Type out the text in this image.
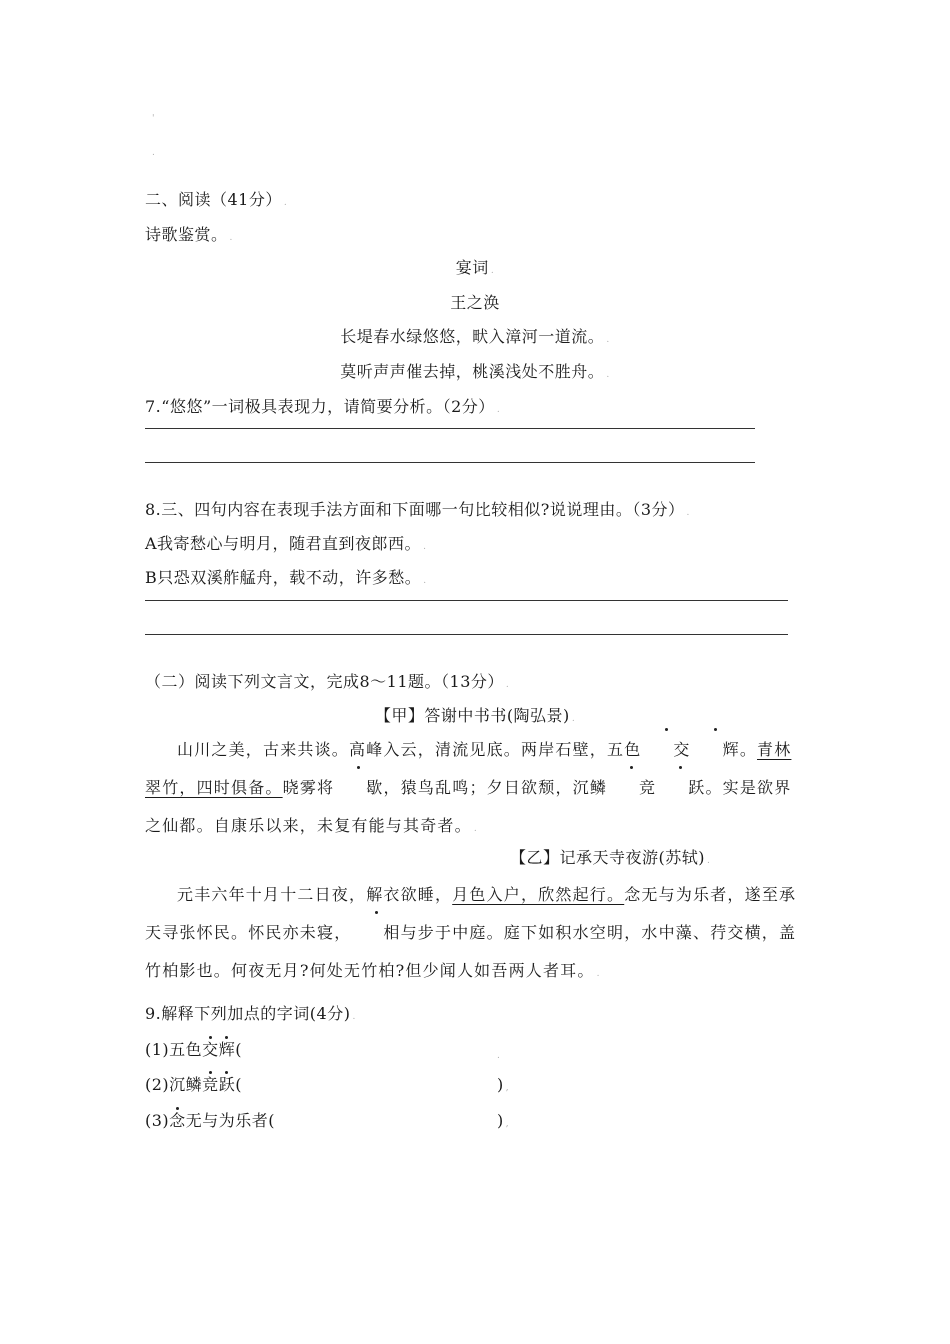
'
.
二、阅读（41分） .
诗歌鉴赏。 .
宴词 .
王之涣
长堤春水绿悠悠，畎入漳河一道流。 .
莫听声声催去掉，桃溪浅处不胜舟。 .
7.“悠悠”一词极具表现力，请简要分析。（2分） .
8.三、四句内容在表现手法方面和下面哪一句比较相似?说说理由。（3分） .
A我寄愁心与明月，随君直到夜郎西。 .
B只恐双溪舴艋舟，载不动，许多愁。 .
（二）阅读下列文言文，完成8～11题。（13分） .
【甲】答谢中书书(陶弘景) .
山川之美，古来共谈。高峰入云，清流见底。两岸石壁，五色 交 辉。青林翠竹，四时俱备。晓雾将 歇，猿鸟乱鸣；夕日欲颓，沉鳞 竞 跃。实是欲界之仙都。自康乐以来，未复有能与其奇者。 .
【乙】记承天寺夜游(苏轼) .
元丰六年十月十二日夜，解衣欲睡，月色入户，欣然起行。念无与为乐者，遂至承天寻张怀民。怀民亦未寝， 相与步于中庭。庭下如积水空明，水中藻、荇交横，盖竹柏影也。何夜无月?何处无竹柏?但少闻人如吾两人者耳。 .
9.解释下列加点的字词(4分) .
(1)五色交辉(	.
(2)沉鳞竞跃(	) ,
(3)念无与为乐者(	) ,
